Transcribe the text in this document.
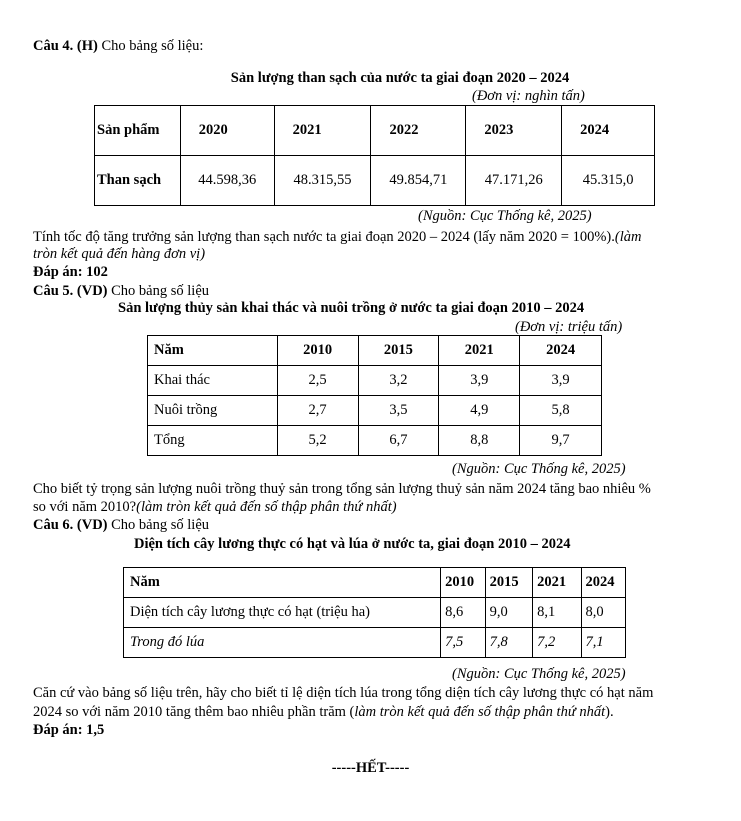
Câu 4. (H) Cho bảng số liệu:
Sản lượng than sạch của nước ta giai đoạn 2020 – 2024
(Đơn vị: nghìn tấn)
Sản phẩm	2020	2021	2022	2023	2024
Than sạch	44.598,36	48.315,55	49.854,71	47.171,26	45.315,0
(Nguồn: Cục Thống kê, 2025)
Tính tốc độ tăng trưởng sản lượng than sạch nước ta giai đoạn 2020 – 2024 (lấy năm 2020 = 100%).(làm
tròn kết quả đến hàng đơn vị)
Đáp án: 102
Câu 5. (VD) Cho bảng số liệu
Sản lượng thủy sản khai thác và nuôi trồng ở nước ta giai đoạn 2010 – 2024
(Đơn vị: triệu tấn)
Năm	2010	2015	2021	2024
Khai thác	2,5	3,2	3,9	3,9
Nuôi trồng	2,7	3,5	4,9	5,8
Tổng	5,2	6,7	8,8	9,7
(Nguồn: Cục Thống kê, 2025)
Cho biết tỷ trọng sản lượng nuôi trồng thuỷ sản trong tổng sản lượng thuỷ sản năm 2024 tăng bao nhiêu %
so với năm 2010?(làm tròn kết quả đến số thập phân thứ nhất)
Câu 6. (VD) Cho bảng số liệu
Diện tích cây lương thực có hạt và lúa ở nước ta, giai đoạn 2010 – 2024
Năm	2010	2015	2021	2024
Diện tích cây lương thực có hạt (triệu ha)	8,6	9,0	8,1	8,0
Trong đó lúa	7,5	7,8	7,2	7,1
(Nguồn: Cục Thống kê, 2025)
Căn cứ vào bảng số liệu trên, hãy cho biết tỉ lệ diện tích lúa trong tổng diện tích cây lương thực có hạt năm
2024 so với năm 2010 tăng thêm bao nhiêu phần trăm (làm tròn kết quả đến số thập phân thứ nhất).
Đáp án: 1,5
-----HẾT-----
